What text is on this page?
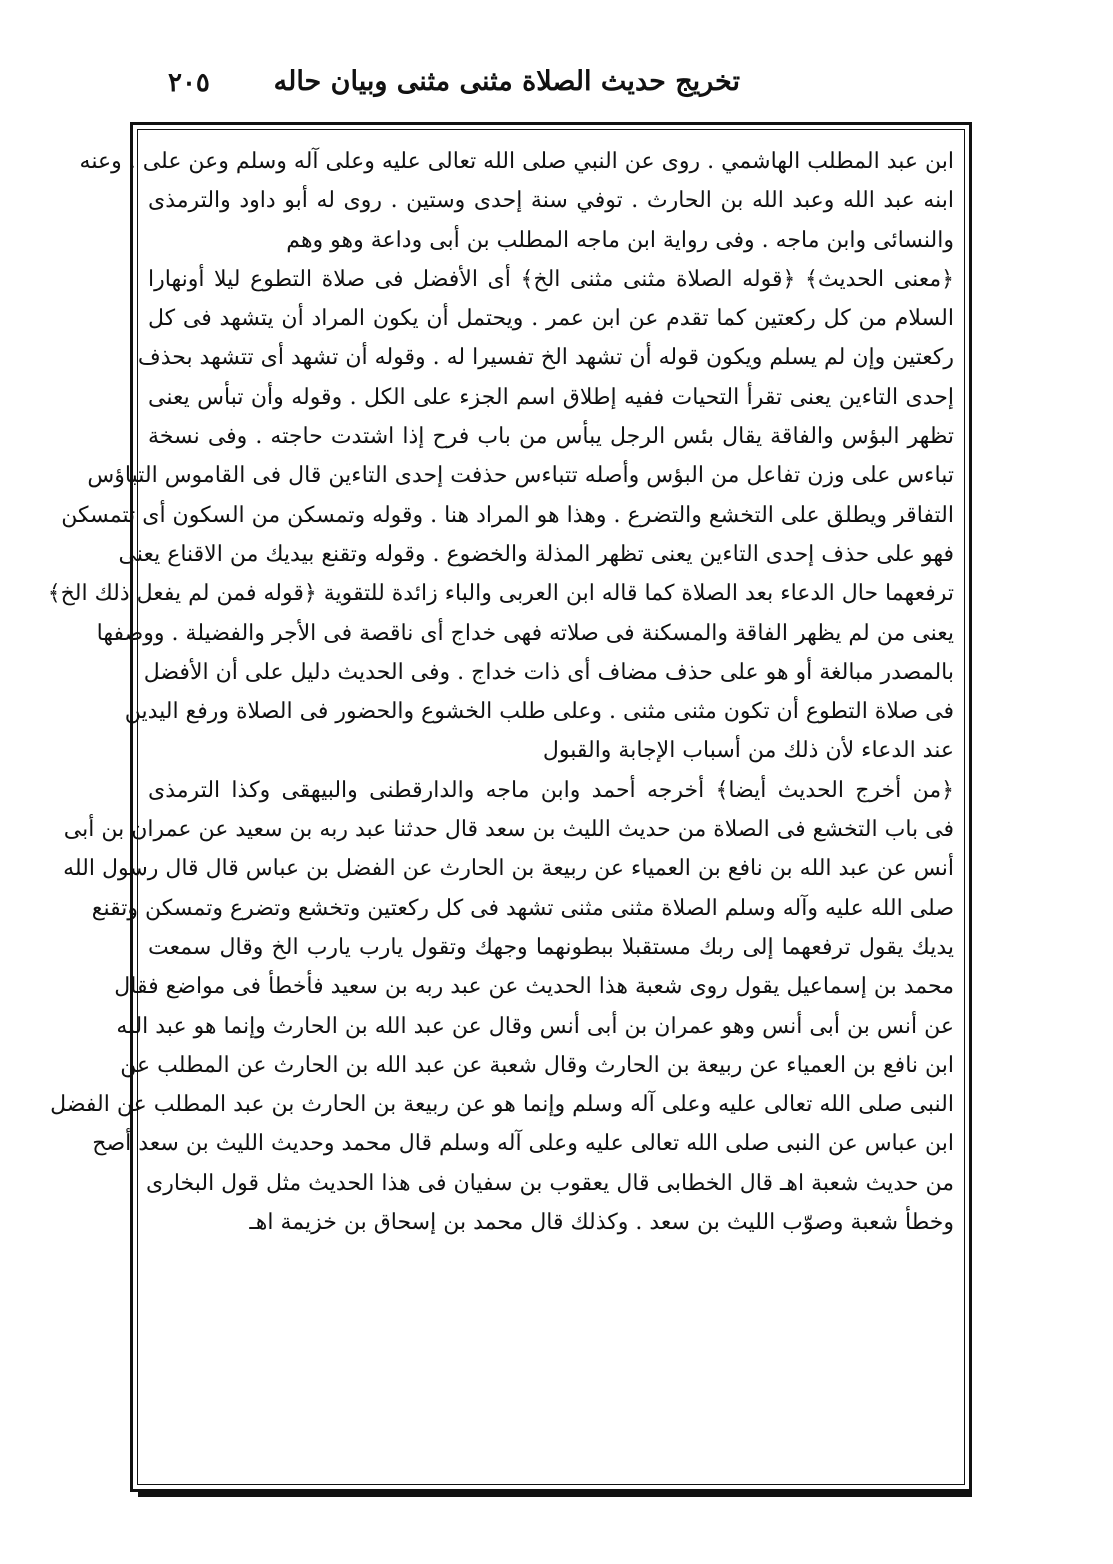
تخريج حديث الصلاة مثنى مثنى وبيان حاله
٢٠٥
ابن عبد المطلب الهاشمي . روى عن النبي صلى الله تعالى عليه وعلى آله وسلم وعن على . وعنه
ابنه عبد الله وعبد الله بن الحارث . توفي سنة إحدى وستين . روى له أبو داود والترمذى
والنسائى وابن ماجه . وفى رواية ابن ماجه المطلب بن أبى وداعة وهو وهم
﴿معنى الحديث﴾ ﴿قوله الصلاة مثنى مثنى الخ﴾ أى الأفضل فى صلاة التطوع ليلا أونهارا
السلام من كل ركعتين كما تقدم عن ابن عمر . ويحتمل أن يكون المراد أن يتشهد فى كل
ركعتين وإن لم يسلم ويكون قوله أن تشهد الخ تفسيرا له . وقوله أن تشهد أى تتشهد بحذف
إحدى التاءين يعنى تقرأ التحيات ففيه إطلاق اسم الجزء على الكل . وقوله وأن تبأس يعنى
تظهر البؤس والفاقة يقال بئس الرجل يبأس من باب فرح إذا اشتدت حاجته . وفى نسخة
تباءس على وزن تفاعل من البؤس وأصله تتباءس حذفت إحدى التاءين قال فى القاموس التباؤس
التفاقر ويطلق على التخشع والتضرع . وهذا هو المراد هنا . وقوله وتمسكن من السكون أى تتمسكن
فهو على حذف إحدى التاءين يعنى تظهر المذلة والخضوع . وقوله وتقنع بيديك من الاقناع يعنى
ترفعهما حال الدعاء بعد الصلاة كما قاله ابن العربى والباء زائدة للتقوية ﴿قوله فمن لم يفعل ذلك الخ﴾
يعنى من لم يظهر الفاقة والمسكنة فى صلاته فهى خداج أى ناقصة فى الأجر والفضيلة . ووصفها
بالمصدر مبالغة أو هو على حذف مضاف أى ذات خداج . وفى الحديث دليل على أن الأفضل
فى صلاة التطوع أن تكون مثنى مثنى . وعلى طلب الخشوع والحضور فى الصلاة ورفع اليدين
عند الدعاء لأن ذلك من أسباب الإجابة والقبول
﴿من أخرج الحديث أيضا﴾ أخرجه أحمد وابن ماجه والدارقطنى والبيهقى وكذا الترمذى
فى باب التخشع فى الصلاة من حديث الليث بن سعد قال حدثنا عبد ربه بن سعيد عن عمران بن أبى
أنس عن عبد الله بن نافع بن العمياء عن ربيعة بن الحارث عن الفضل بن عباس قال قال رسول الله
صلى الله عليه وآله وسلم الصلاة مثنى مثنى تشهد فى كل ركعتين وتخشع وتضرع وتمسكن وتقنع
يديك يقول ترفعهما إلى ربك مستقبلا ببطونهما وجهك وتقول يارب يارب الخ وقال سمعت
محمد بن إسماعيل يقول روى شعبة هذا الحديث عن عبد ربه بن سعيد فأخطأ فى مواضع فقال
عن أنس بن أبى أنس وهو عمران بن أبى أنس وقال عن عبد الله بن الحارث وإنما هو عبد الله
ابن نافع بن العمياء عن ربيعة بن الحارث وقال شعبة عن عبد الله بن الحارث عن المطلب عن
النبى صلى الله تعالى عليه وعلى آله وسلم وإنما هو عن ربيعة بن الحارث بن عبد المطلب عن الفضل
ابن عباس عن النبى صلى الله تعالى عليه وعلى آله وسلم قال محمد وحديث الليث بن سعد أصح
من حديث شعبة اهـ قال الخطابى قال يعقوب بن سفيان فى هذا الحديث مثل قول البخارى
وخطأ شعبة وصوّب الليث بن سعد . وكذلك قال محمد بن إسحاق بن خزيمة اهـ
